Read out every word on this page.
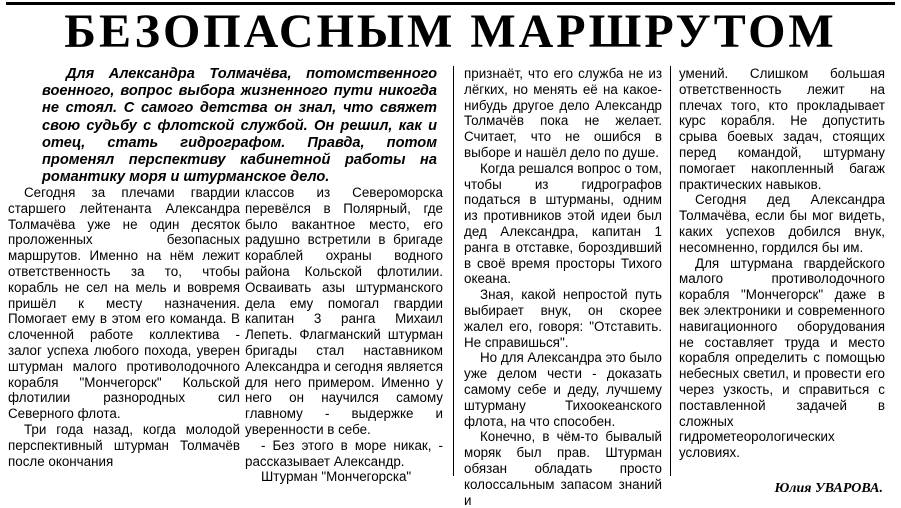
БЕЗОПАСНЫМ МАРШРУТОМ

Для Александра Толмачёва, потомственного военного, вопрос выбора жизненного пути никогда не стоял. С самого детства он знал, что свяжет свою судьбу с флотской службой. Он решил, как и отец, стать гидрографом. Правда, потом променял перспективу кабинетной работы на романтику моря и штурманское дело.

Сегодня за плечами гвардии старшего лейтенанта Александра Толмачёва уже не один десяток проложенных безопасных маршрутов. Именно на нём лежит ответственность за то, чтобы корабль не сел на мель и вовремя пришёл к месту назначения. Помогает ему в этом его команда. В слоченной работе коллектива - залог успеха любого похода, уверен штурман малого противолодочного корабля "Мончегорск" Кольской флотилии разнородных сил Северного флота.

Три года назад, когда молодой перспективный штурман Толмачёв после окончания

классов из Североморска перевёлся в Полярный, где было вакантное место, его радушно встретили в бригаде кораблей охраны водного района Кольской флотилии. Осваивать азы штурманского дела ему помогал гвардии капитан 3 ранга Михаил Лепеть. Флагманский штурман бригады стал наставником Александра и сегодня является для него примером. Именно у него он научился самому главному - выдержке и уверенности в себе.

- Без этого в море никак, - рассказывает Александр.

Штурман "Мончегорска"

признаёт, что его служба не из лёгких, но менять её на какое-нибудь другое дело Александр Толмачёв пока не желает. Считает, что не ошибся в выборе и нашёл дело по душе.

Когда решался вопрос о том, чтобы из гидрографов податься в штурманы, одним из противников этой идеи был дед Александра, капитан 1 ранга в отставке, бороздивший в своё время просторы Тихого океана.

Зная, какой непростой путь выбирает внук, он скорее жалел его, говоря: "Отставить. Не справишься".

Но для Александра это было уже делом чести - доказать самому себе и деду, лучшему штурману Тихоокеанского флота, на что способен.

Конечно, в чём-то бывалый моряк был прав. Штурман обязан обладать просто колоссальным запасом знаний и

умений. Слишком большая ответственность лежит на плечах того, кто прокладывает курс корабля. Не допустить срыва боевых задач, стоящих перед командой, штурману помогает накопленный багаж практических навыков.

Сегодня дед Александра Толмачёва, если бы мог видеть, каких успехов добился внук, несомненно, гордился бы им.

Для штурмана гвардейского малого противолодочного корабля "Мончегорск" даже в век электроники и современного навигационного оборудования не составляет труда и место корабля определить с помощью небесных светил, и провести его через узкость, и справиться с поставленной задачей в сложных гидрометеорологических условиях.

Юлия УВАРОВА.
